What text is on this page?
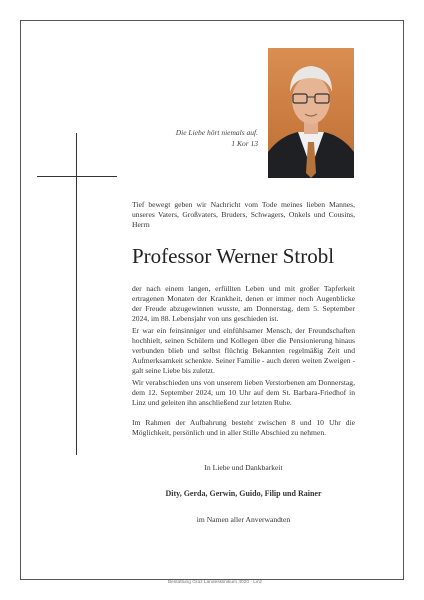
Die Liebe hört niemals auf.
1 Kor 13
Tief bewegt geben wir Nachricht vom Tode meines lieben Mannes, unseres Vaters, Großvaters, Bruders, Schwagers, Onkels und Cousins, Herrn
Professor Werner Strobl
der nach einem langen, erfüllten Leben und mit großer Tapferkeit ertragenen Monaten der Krankheit, denen er immer noch Augenblicke der Freude abzugewinnen wusste, am Donnerstag, dem 5. September 2024, im 88. Lebensjahr von uns geschieden ist.
Er war ein feinsinniger und einfühlsamer Mensch, der Freundschaften hochhielt, seinen Schülern und Kollegen über die Pensionierung hinaus verbunden blieb und selbst flüchtig Bekannten regelmäßig Zeit und Aufmerksamkeit schenkte. Seiner Familie - auch deren weiten Zweigen - galt seine Liebe bis zuletzt.
Wir verabschieden uns von unserem lieben Verstorbenen am Donnerstag, dem 12. September 2024, um 10 Uhr auf dem St. Barbara-Friedhof in Linz und geleiten ihn anschließend zur letzten Ruhe.
Im Rahmen der Aufbahrung besteht zwischen 8 und 10 Uhr die Möglichkeit, persönlich und in aller Stille Abschied zu nehmen.
In Liebe und Dankbarkeit
Dity, Gerda, Gerwin, Guido, Filip und Rainer
im Namen aller Anverwandten
Bestattung Graz Landesklinikum 4020 · Linz
